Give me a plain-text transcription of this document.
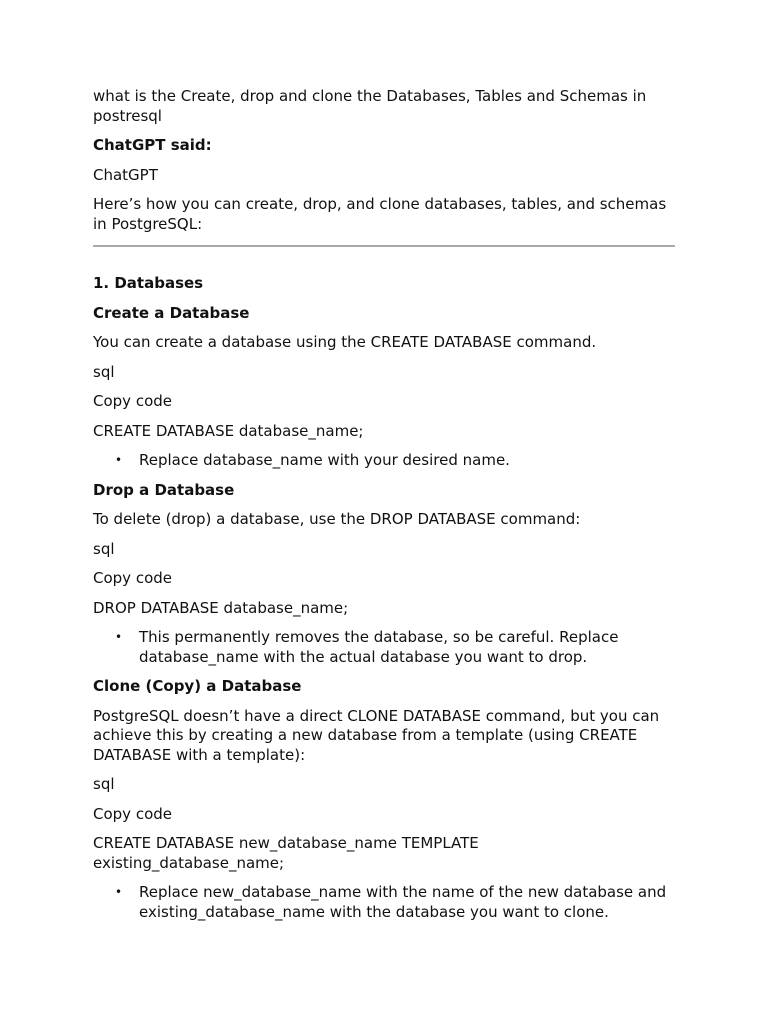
what is the Create, drop and clone the Databases, Tables and Schemas in postresql

ChatGPT said:

ChatGPT

Here’s how you can create, drop, and clone databases, tables, and schemas in PostgreSQL:

1. Databases

Create a Database

You can create a database using the CREATE DATABASE command.

sql

Copy code

CREATE DATABASE database_name;

• Replace database_name with your desired name.

Drop a Database

To delete (drop) a database, use the DROP DATABASE command:

sql

Copy code

DROP DATABASE database_name;

• This permanently removes the database, so be careful. Replace database_name with the actual database you want to drop.

Clone (Copy) a Database

PostgreSQL doesn’t have a direct CLONE DATABASE command, but you can achieve this by creating a new database from a template (using CREATE DATABASE with a template):

sql

Copy code

CREATE DATABASE new_database_name TEMPLATE existing_database_name;

• Replace new_database_name with the name of the new database and existing_database_name with the database you want to clone.
